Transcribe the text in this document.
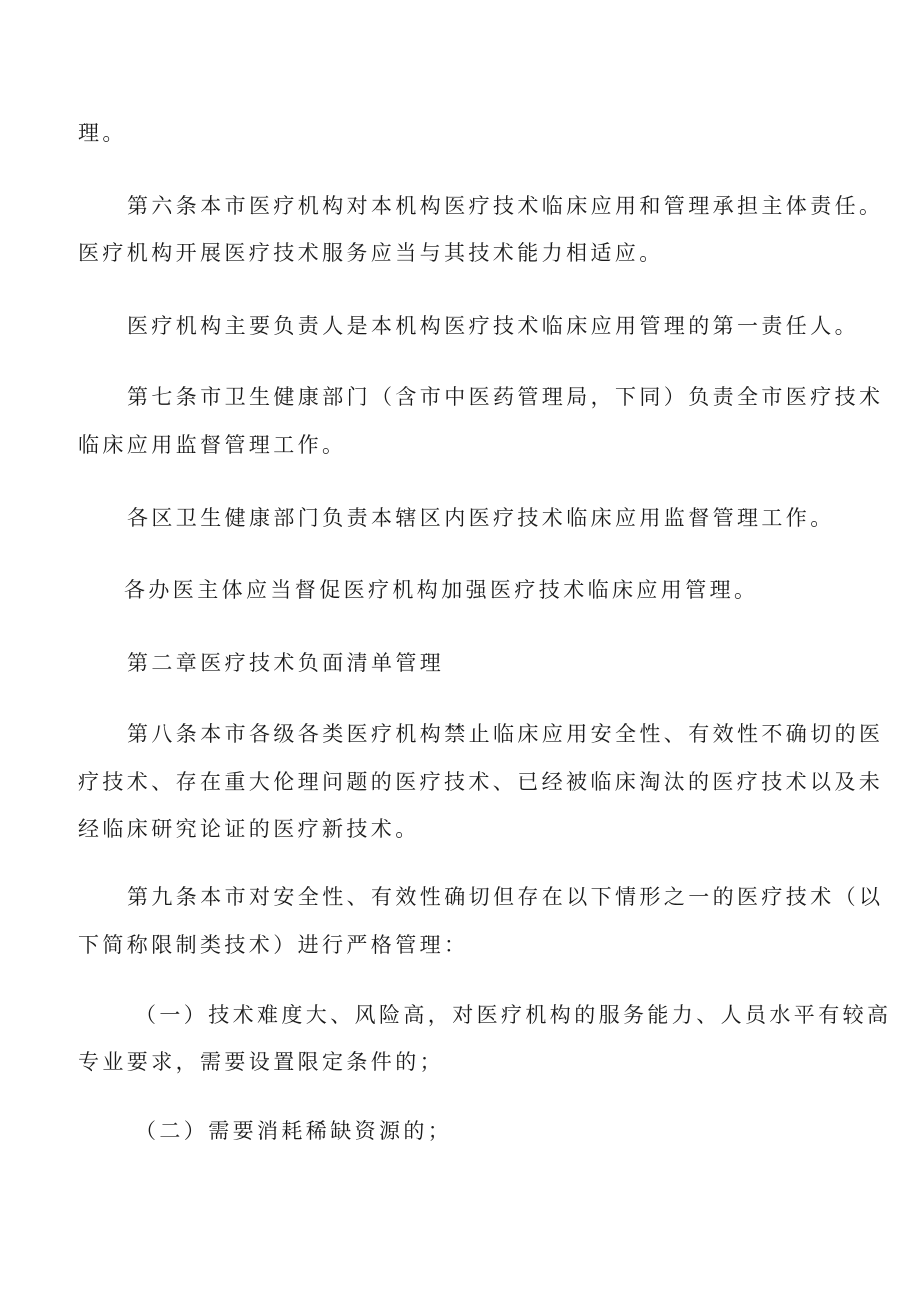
理。
第六条本市医疗机构对本机构医疗技术临床应用和管理承担主体责任。
医疗机构开展医疗技术服务应当与其技术能力相适应。
医疗机构主要负责人是本机构医疗技术临床应用管理的第一责任人。
第七条市卫生健康部门（含市中医药管理局，下同）负责全市医疗技术
临床应用监督管理工作。
各区卫生健康部门负责本辖区内医疗技术临床应用监督管理工作。
各办医主体应当督促医疗机构加强医疗技术临床应用管理。
第二章医疗技术负面清单管理
第八条本市各级各类医疗机构禁止临床应用安全性、有效性不确切的医
疗技术、存在重大伦理问题的医疗技术、已经被临床淘汰的医疗技术以及未
经临床研究论证的医疗新技术。
第九条本市对安全性、有效性确切但存在以下情形之一的医疗技术（以
下简称限制类技术）进行严格管理：
（一）技术难度大、风险高，对医疗机构的服务能力、人员水平有较高
专业要求，需要设置限定条件的；
（二）需要消耗稀缺资源的；
